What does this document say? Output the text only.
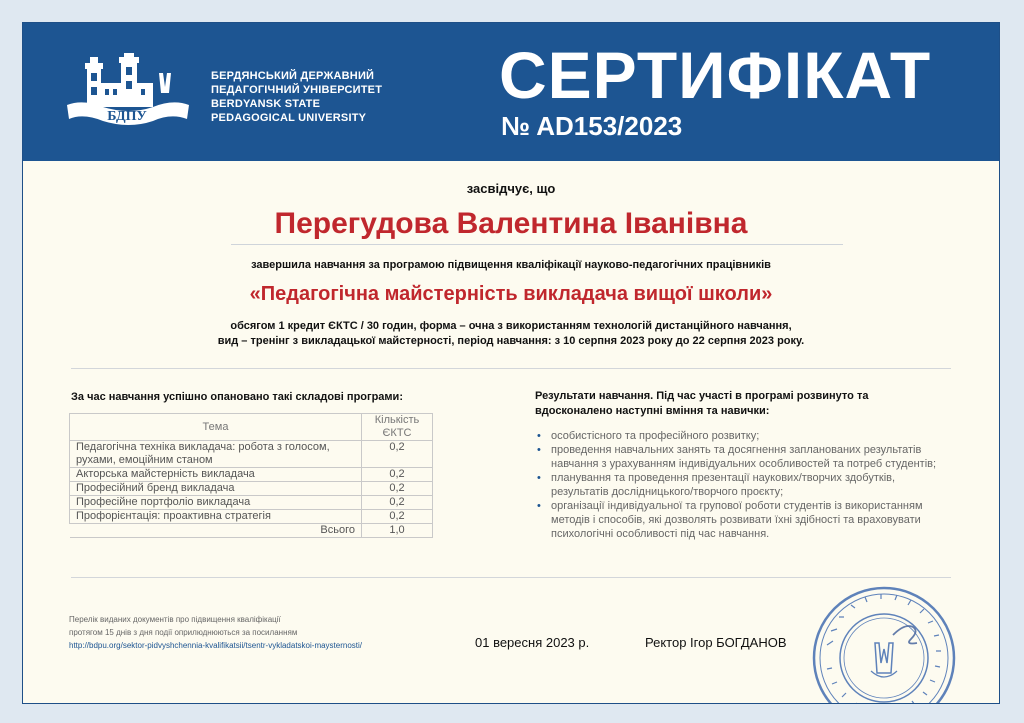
БДПУ
БЕРДЯНСЬКИЙ ДЕРЖАВНИЙ
ПЕДАГОГІЧНИЙ УНІВЕРСИТЕТ
BERDYANSK STATE
PEDAGOGICAL UNIVERSITY
СЕРТИФІКАТ
№ AD153/2023
засвідчує, що
Перегудова Валентина Іванівна
завершила навчання за програмою підвищення кваліфікації науково-педагогічних працівників
«Педагогічна майстерність викладача вищої школи»
обсягом 1 кредит ЄКТС / 30 годин, форма – очна з використанням технологій дистанційного навчання,
вид – тренінг з викладацької майстерності, період навчання: з 10 серпня 2023 року до 22 серпня 2023 року.
За час навчання успішно опановано такі складові програми:
Тема	Кількість
ЄКТС

Педагогічна техніка викладача: робота з голосом, рухами, емоційним станом	0,2
Акторська майстерність викладача	0,2
Професійний бренд викладача	0,2
Професійне портфоліо викладача	0,2
Профорієнтація: проактивна стратегія	0,2
Всього	1,0
Результати навчання. Під час участі в програмі розвинуто та
вдосконалено наступні вміння та навички:
• особистісного та професійного розвитку;
• проведення навчальних занять та досягнення запланованих результатів навчання з урахуванням індивідуальних особливостей та потреб студентів;
• планування та проведення презентації наукових/творчих здобутків, результатів дослідницького/творчого проєкту;
• організації індивідуальної та групової роботи студентів із використанням методів і способів, які дозволять розвивати їхні здібності та враховувати психологічні особливості під час навчання.
Перелік виданих документів про підвищення кваліфікації
протягом 15 днів з дня події оприлюднюються за посиланням
http://bdpu.org/sektor-pidvyshchennia-kvalifikatsii/tsentr-vykladatskoi-maysternosti/	01 вересня 2023 р.	Ректор Ігор БОГДАНОВ
